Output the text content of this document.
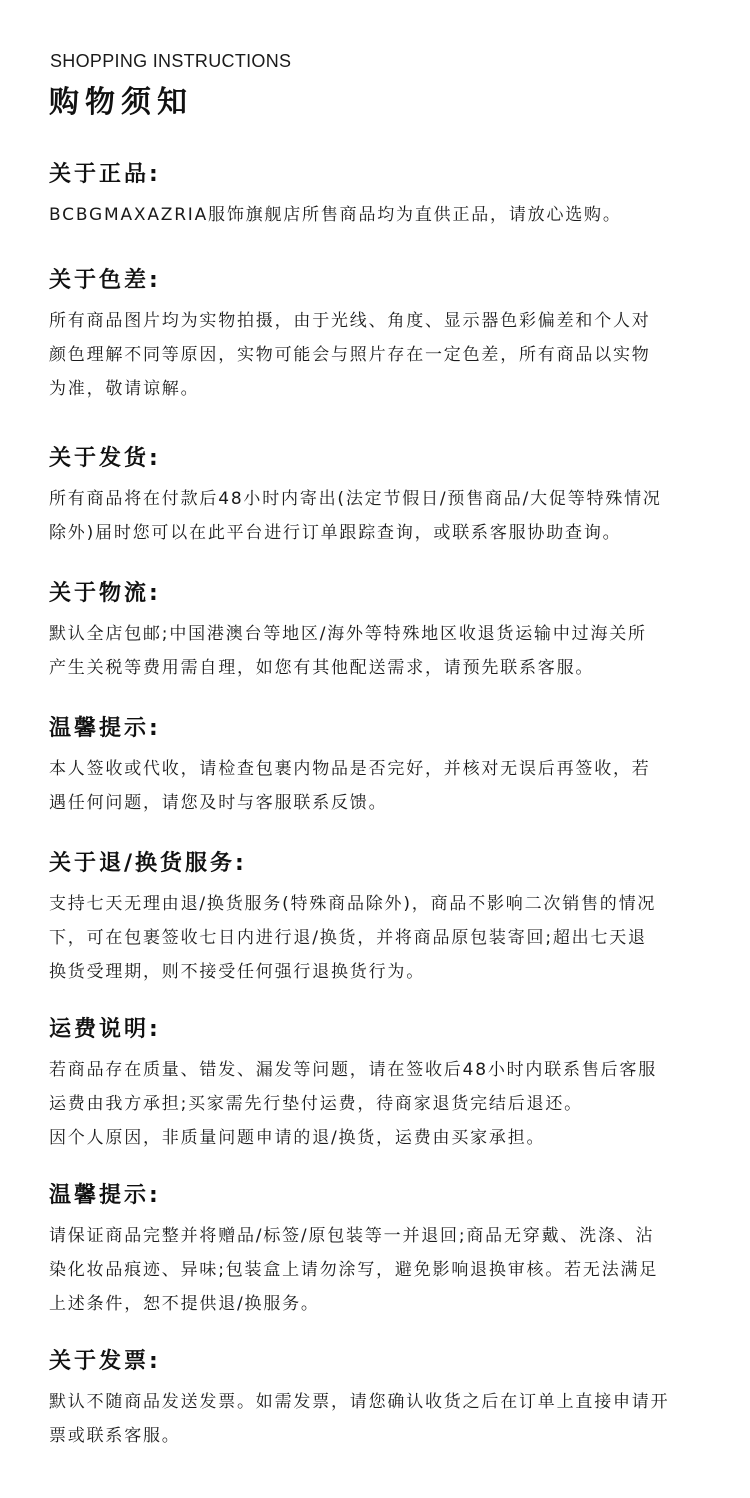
SHOPPING INSTRUCTIONS
购物须知
关于正品:
BCBGMAXAZRIA服饰旗舰店所售商品均为直供正品，请放心选购。
关于色差:
所有商品图片均为实物拍摄，由于光线、角度、显示器色彩偏差和个人对
颜色理解不同等原因，实物可能会与照片存在一定色差，所有商品以实物
为准，敬请谅解。
关于发货:
所有商品将在付款后48小时内寄出(法定节假日/预售商品/大促等特殊情况
除外)届时您可以在此平台进行订单跟踪查询，或联系客服协助查询。
关于物流:
默认全店包邮;中国港澳台等地区/海外等特殊地区收退货运输中过海关所
产生关税等费用需自理，如您有其他配送需求，请预先联系客服。
温馨提示:
本人签收或代收，请检查包裹内物品是否完好，并核对无误后再签收，若
遇任何问题，请您及时与客服联系反馈。
关于退/换货服务:
支持七天无理由退/换货服务(特殊商品除外)，商品不影响二次销售的情况
下，可在包裹签收七日内进行退/换货，并将商品原包装寄回;超出七天退
换货受理期，则不接受任何强行退换货行为。
运费说明:
若商品存在质量、错发、漏发等问题，请在签收后48小时内联系售后客服
运费由我方承担;买家需先行垫付运费，待商家退货完结后退还。
因个人原因，非质量问题申请的退/换货，运费由买家承担。
温馨提示:
请保证商品完整并将赠品/标签/原包装等一并退回;商品无穿戴、洗涤、沾
染化妆品痕迹、异味;包装盒上请勿涂写，避免影响退换审核。若无法满足
上述条件，恕不提供退/换服务。
关于发票:
默认不随商品发送发票。如需发票，请您确认收货之后在订单上直接申请开
票或联系客服。
